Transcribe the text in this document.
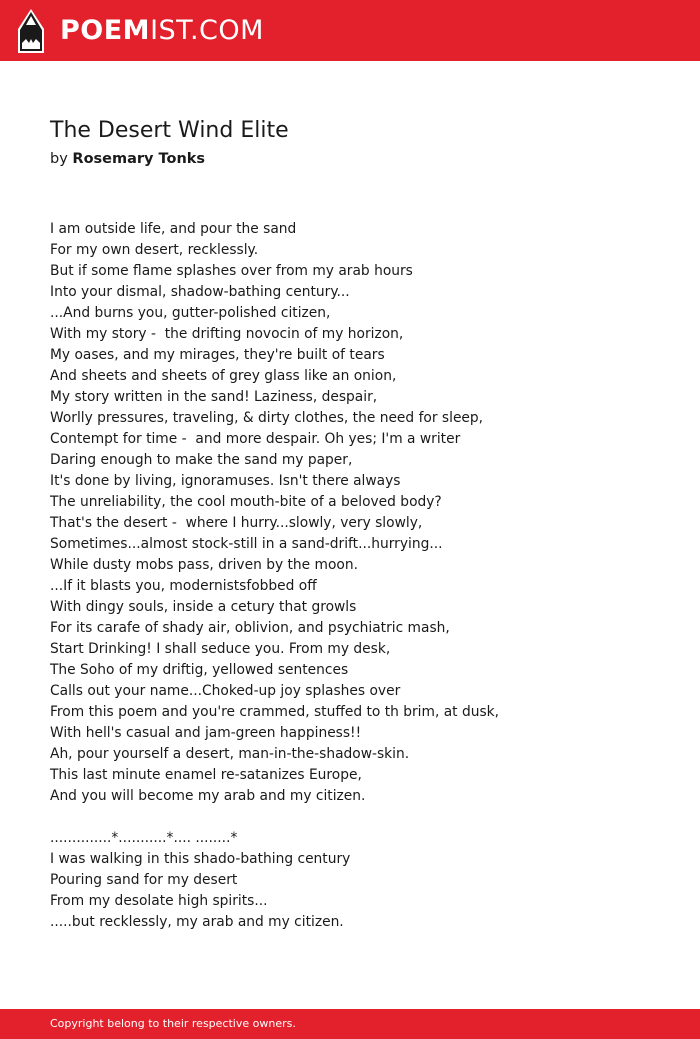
POEMIST.COM
The Desert Wind Elite
by Rosemary Tonks

I am outside life, and pour the sand
For my own desert, recklessly.
But if some flame splashes over from my arab hours
Into your dismal, shadow-bathing century...
...And burns you, gutter-polished citizen,
With my story -  the drifting novocin of my horizon,
My oases, and my mirages, they're built of tears
And sheets and sheets of grey glass like an onion,
My story written in the sand! Laziness, despair,
Worlly pressures, traveling, & dirty clothes, the need for sleep,
Contempt for time -  and more despair. Oh yes; I'm a writer
Daring enough to make the sand my paper,
It's done by living, ignoramuses. Isn't there always
The unreliability, the cool mouth-bite of a beloved body?
That's the desert -  where I hurry...slowly, very slowly,
Sometimes...almost stock-still in a sand-drift...hurrying...
While dusty mobs pass, driven by the moon.
...If it blasts you, modernistsfobbed off
With dingy souls, inside a cetury that growls
For its carafe of shady air, oblivion, and psychiatric mash,
Start Drinking! I shall seduce you. From my desk,
The Soho of my driftig, yellowed sentences
Calls out your name...Choked-up joy splashes over
From this poem and you're crammed, stuffed to th brim, at dusk,
With hell's casual and jam-green happiness!!
Ah, pour yourself a desert, man-in-the-shadow-skin.
This last minute enamel re-satanizes Europe,
And you will become my arab and my citizen.

..............*...........*.... ........*
I was walking in this shado-bathing century
Pouring sand for my desert
From my desolate high spirits...
.....but recklessly, my arab and my citizen.

Copyright belong to their respective owners.
